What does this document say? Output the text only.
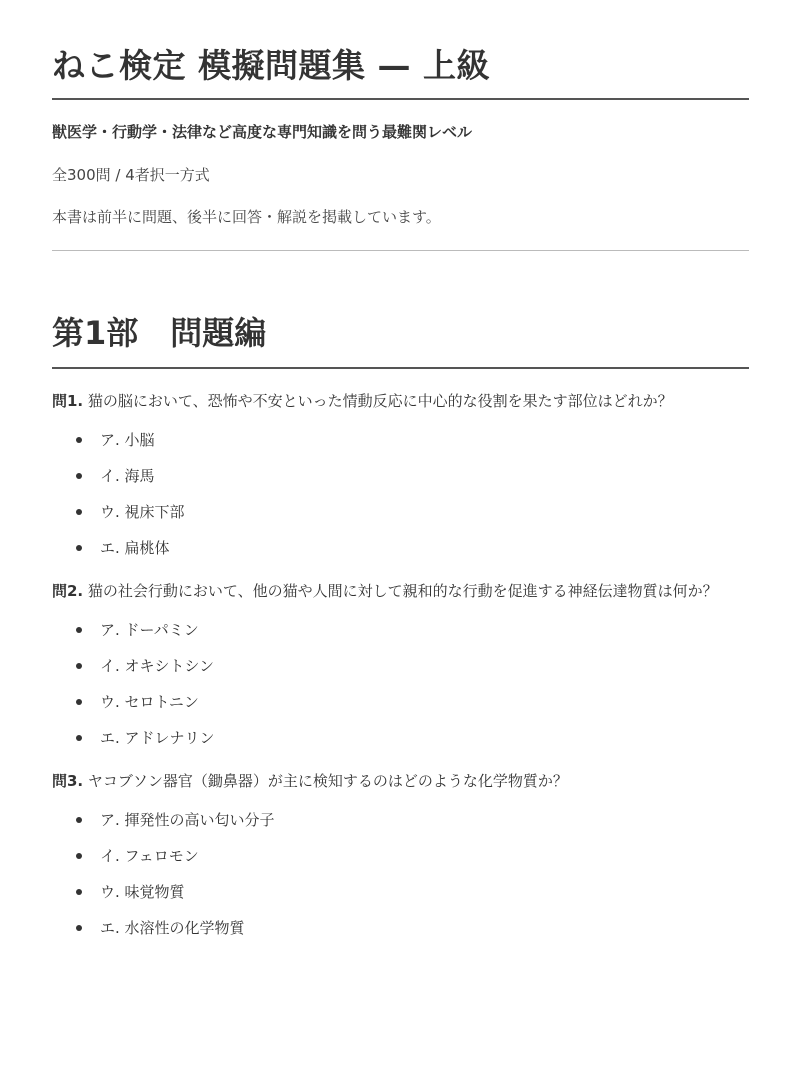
ねこ検定 模擬問題集 — 上級

獣医学・行動学・法律など高度な専門知識を問う最難関レベル

全300問 / 4者択一方式

本書は前半に問題、後半に回答・解説を掲載しています。

第1部　問題編

問1. 猫の脳において、恐怖や不安といった情動反応に中心的な役割を果たす部位はどれか？

ア. 小脳
イ. 海馬
ウ. 視床下部
エ. 扁桃体

問2. 猫の社会行動において、他の猫や人間に対して親和的な行動を促進する神経伝達物質は何か？

ア. ドーパミン
イ. オキシトシン
ウ. セロトニン
エ. アドレナリン

問3. ヤコブソン器官（鋤鼻器）が主に検知するのはどのような化学物質か？

ア. 揮発性の高い匂い分子
イ. フェロモン
ウ. 味覚物質
エ. 水溶性の化学物質
